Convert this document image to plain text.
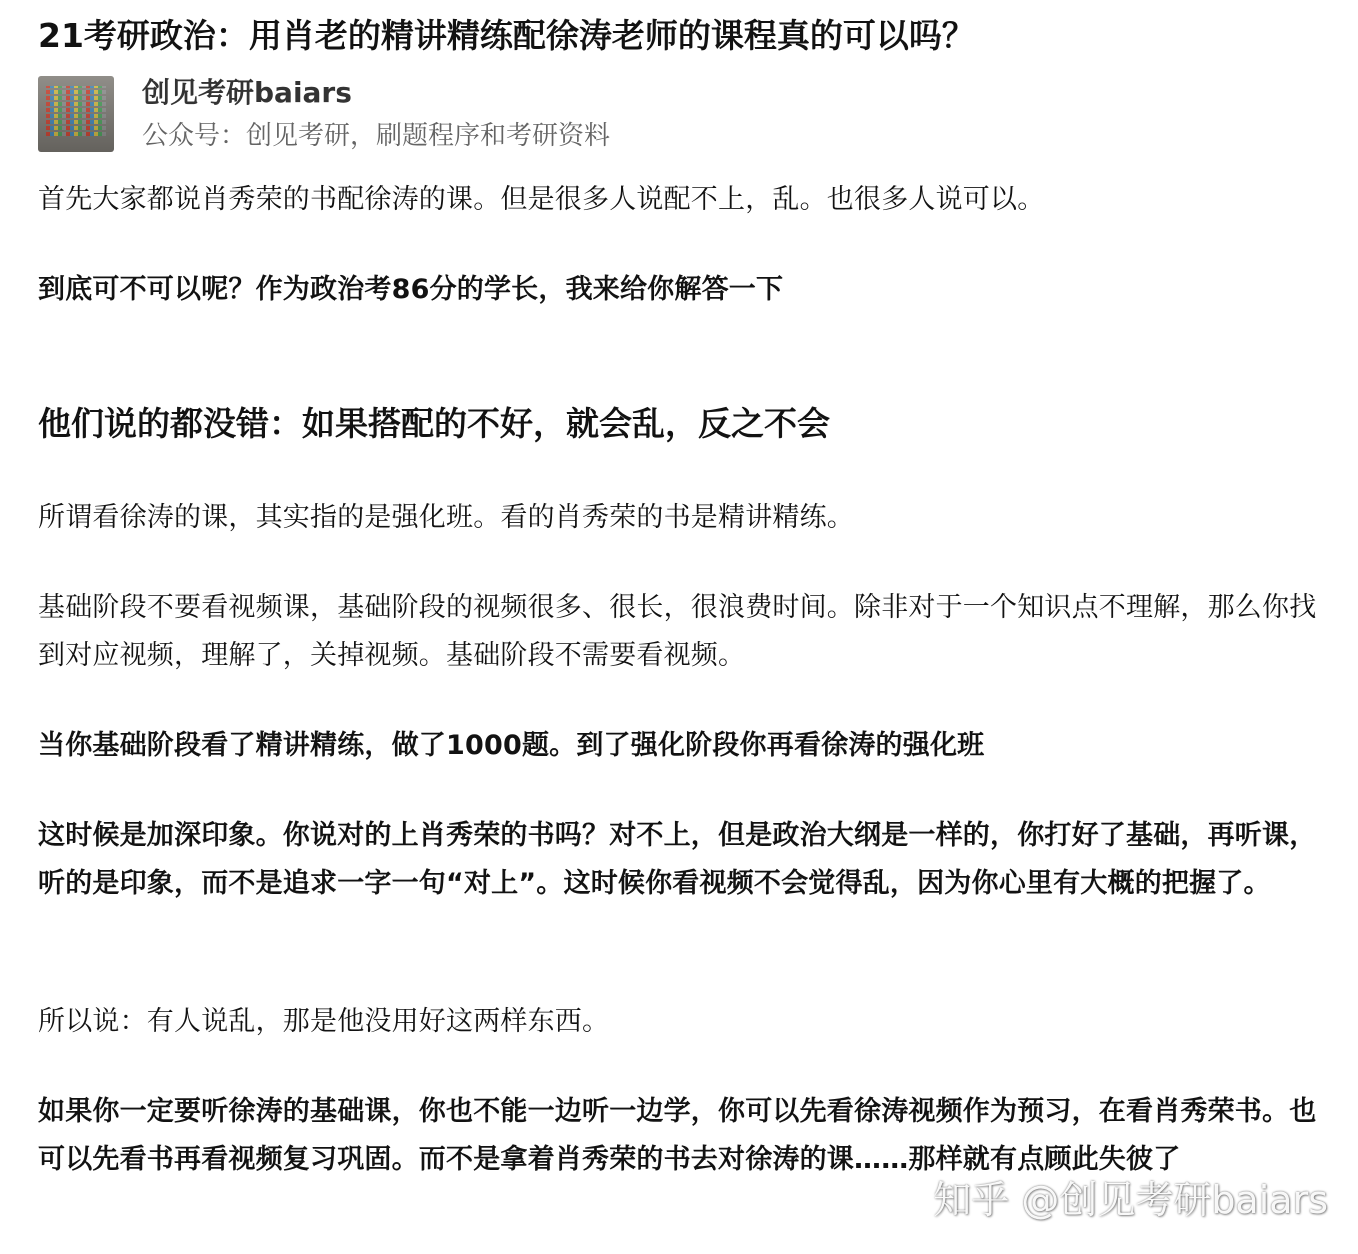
21考研政治：用肖老的精讲精练配徐涛老师的课程真的可以吗？
创见考研baiars
公众号：创见考研，刷题程序和考研资料

首先大家都说肖秀荣的书配徐涛的课。但是很多人说配不上，乱。也很多人说可以。

到底可不可以呢？作为政治考86分的学长，我来给你解答一下

他们说的都没错：如果搭配的不好，就会乱，反之不会

所谓看徐涛的课，其实指的是强化班。看的肖秀荣的书是精讲精练。

基础阶段不要看视频课，基础阶段的视频很多、很长，很浪费时间。除非对于一个知识点不理解，那么你找到对应视频，理解了，关掉视频。基础阶段不需要看视频。

当你基础阶段看了精讲精练，做了1000题。到了强化阶段你再看徐涛的强化班

这时候是加深印象。你说对的上肖秀荣的书吗？对不上，但是政治大纲是一样的，你打好了基础，再听课，听的是印象，而不是追求一字一句“对上”。这时候你看视频不会觉得乱，因为你心里有大概的把握了。

所以说：有人说乱，那是他没用好这两样东西。

如果你一定要听徐涛的基础课，你也不能一边听一边学，你可以先看徐涛视频作为预习，在看肖秀荣书。也可以先看书再看视频复习巩固。而不是拿着肖秀荣的书去对徐涛的课……那样就有点顾此失彼了

知乎 @创见考研baiars
